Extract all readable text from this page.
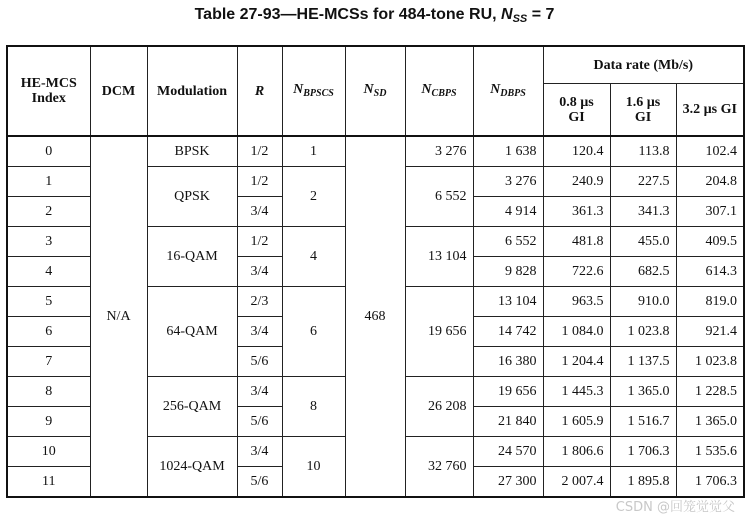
Table 27-93—HE-MCSs for 484-tone RU, $N_{SS} = 7$
HE-MCS Index	DCM	Modulation	R	$N_{BPSCS}$	$N_{SD}$	$N_{CBPS}$	$N_{DBPS}$	Data rate (Mb/s)		
								0.8 µs GI	1.6 µs GI	3.2 µs GI
0	N/A	BPSK	1/2	1	468	3 276	1 638	120.4	113.8	102.4
1		QPSK	1/2	2		6 552	3 276	240.9	227.5	204.8
2			3/4				4 914	361.3	341.3	307.1
3		16-QAM	1/2	4		13 104	6 552	481.8	455.0	409.5
4			3/4				9 828	722.6	682.5	614.3
5		64-QAM	2/3	6		19 656	13 104	963.5	910.0	819.0
6			3/4				14 742	1 084.0	1 023.8	921.4
7			5/6				16 380	1 204.4	1 137.5	1 023.8
8		256-QAM	3/4	8		26 208	19 656	1 445.3	1 365.0	1 228.5
9			5/6				21 840	1 605.9	1 516.7	1 365.0
10		1024-QAM	3/4	10		32 760	24 570	1 806.6	1 706.3	1 535.6
11			5/6				27 300	2 007.4	1 895.8	1 706.3
CSDN @回笼觉觉父
